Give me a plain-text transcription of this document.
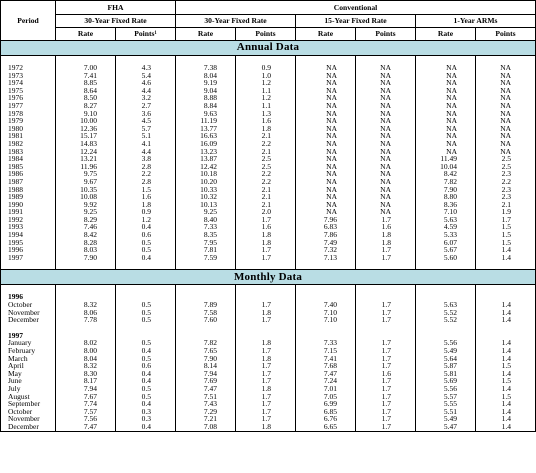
Period	FHA		Conventional					
	30-Year Fixed Rate		30-Year Fixed Rate		15-Year Fixed Rate		1-Year ARMs	
	Rate	Points¹	Rate	Points	Rate	Points	Rate	Points
Annual Data								

1972	7.00	4.3	7.38	0.9	NA	NA	NA	NA
1973	7.41	5.4	8.04	1.0	NA	NA	NA	NA
1974	8.85	4.6	9.19	1.2	NA	NA	NA	NA
1975	8.64	4.4	9.04	1.1	NA	NA	NA	NA
1976	8.50	3.2	8.88	1.2	NA	NA	NA	NA
1977	8.27	2.7	8.84	1.1	NA	NA	NA	NA
1978	9.10	3.6	9.63	1.3	NA	NA	NA	NA
1979	10.00	4.5	11.19	1.6	NA	NA	NA	NA
1980	12.36	5.7	13.77	1.8	NA	NA	NA	NA
1981	15.17	5.1	16.63	2.1	NA	NA	NA	NA
1982	14.83	4.1	16.09	2.2	NA	NA	NA	NA
1983	12.24	4.4	13.23	2.1	NA	NA	NA	NA
1984	13.21	3.8	13.87	2.5	NA	NA	11.49	2.5
1985	11.96	2.8	12.42	2.5	NA	NA	10.04	2.5
1986	9.75	2.2	10.18	2.2	NA	NA	8.42	2.3
1987	9.67	2.8	10.20	2.2	NA	NA	7.82	2.2
1988	10.35	1.5	10.33	2.1	NA	NA	7.90	2.3
1989	10.08	1.6	10.32	2.1	NA	NA	8.80	2.3
1990	9.92	1.8	10.13	2.1	NA	NA	8.36	2.1
1991	9.25	0.9	9.25	2.0	NA	NA	7.10	1.9
1992	8.29	1.2	8.40	1.7	7.96	1.7	5.63	1.7
1993	7.46	0.4	7.33	1.6	6.83	1.6	4.59	1.5
1994	8.42	0.6	8.35	1.8	7.86	1.8	5.33	1.5
1995	8.28	0.5	7.95	1.8	7.49	1.8	6.07	1.5
1996	8.03	0.5	7.81	1.7	7.32	1.7	5.67	1.4
1997	7.90	0.4	7.59	1.7	7.13	1.7	5.60	1.4

Monthly Data								

1996								
October	8.32	0.5	7.89	1.7	7.40	1.7	5.63	1.4
November	8.06	0.5	7.58	1.8	7.10	1.7	5.52	1.4
December	7.78	0.5	7.60	1.7	7.10	1.7	5.52	1.4

1997								
January	8.02	0.5	7.82	1.8	7.33	1.7	5.56	1.4
February	8.00	0.4	7.65	1.7	7.15	1.7	5.49	1.4
March	8.04	0.5	7.90	1.8	7.41	1.7	5.64	1.4
April	8.32	0.6	8.14	1.7	7.68	1.7	5.87	1.5
May	8.30	0.4	7.94	1.7	7.47	1.6	5.81	1.4
June	8.17	0.4	7.69	1.7	7.24	1.7	5.69	1.5
July	7.94	0.5	7.47	1.8	7.01	1.7	5.56	1.4
August	7.67	0.5	7.51	1.7	7.05	1.7	5.57	1.5
September	7.74	0.4	7.43	1.7	6.99	1.7	5.55	1.4
October	7.57	0.3	7.29	1.7	6.85	1.7	5.51	1.4
November	7.56	0.3	7.21	1.7	6.76	1.7	5.49	1.4
December	7.47	0.4	7.08	1.8	6.65	1.7	5.47	1.4
